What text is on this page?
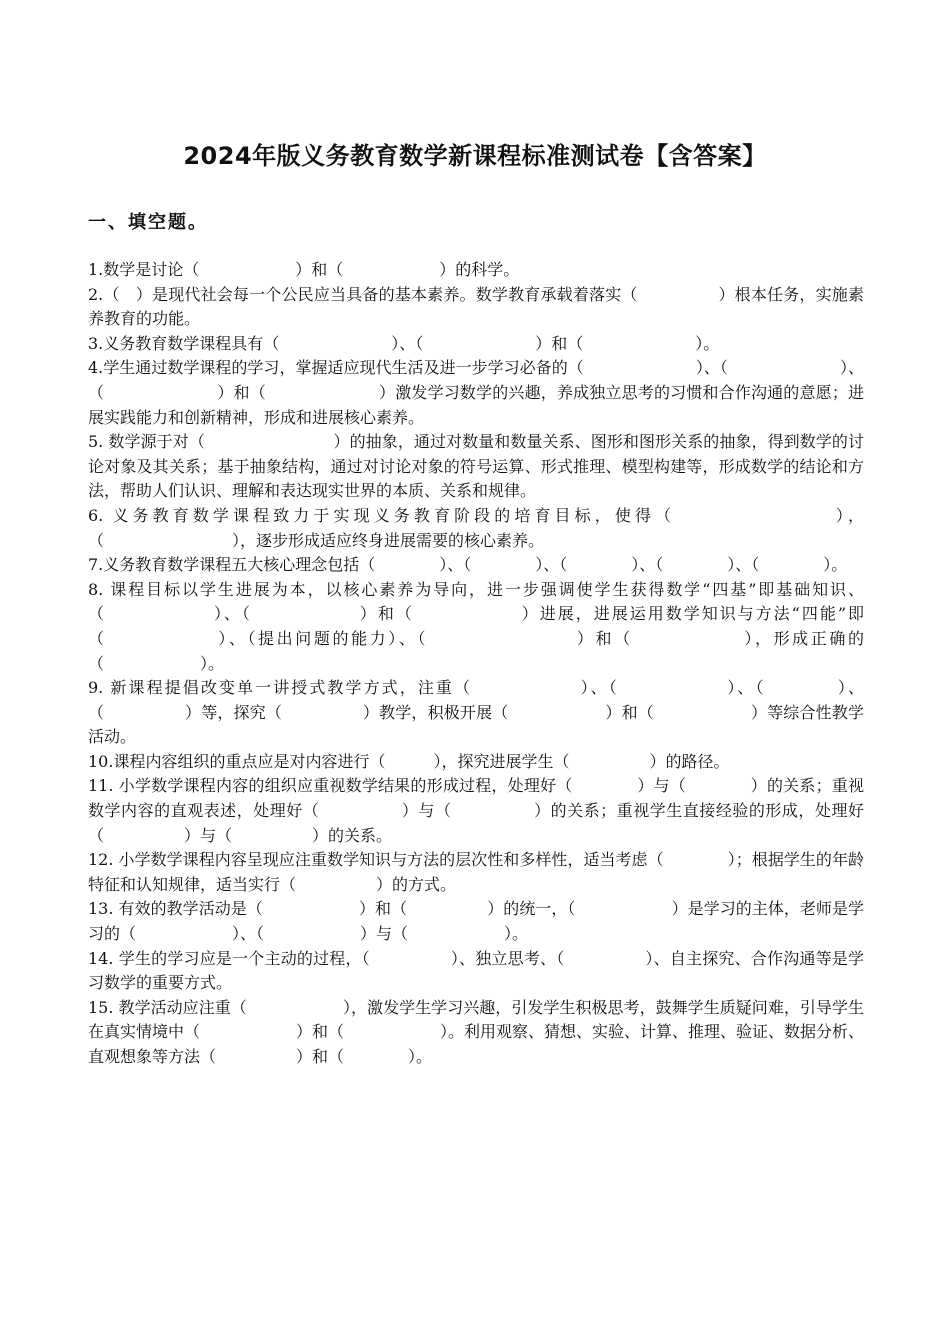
2024年版义务教育数学新课程标准测试卷【含答案】
一、填空题。

1.数学是讨论（　　　　　　）和（　　　　　　）的科学。

2.（　）是现代社会每一个公民应当具备的基本素养。数学教育承载着落实（　　　　　）根本任务，实施素养教育的功能。

3.义务教育数学课程具有（　　　　　　　）、（　　　　　　　）和（　　　　　　　）。

4.学生通过数学课程的学习，掌握适应现代生活及进一步学习必备的（　　　　　　　）、（　　　　　　　）、（　　　　　　　）和（　　　　　　　）激发学习数学的兴趣，养成独立思考的习惯和合作沟通的意愿；进展实践能力和创新精神，形成和进展核心素养。

5. 数学源于对（　　　　　　　　）的抽象，通过对数量和数量关系、图形和图形关系的抽象，得到数学的讨论对象及其关系；基于抽象结构，通过对讨论对象的符号运算、形式推理、模型构建等，形成数学的结论和方法，帮助人们认识、理解和表达现实世界的本质、关系和规律。

6. 义务教育数学课程致力于实现义务教育阶段的培育目标，使得（　　　　　　　　），（　　　　　　　　），逐步形成适应终身进展需要的核心素养。

7.义务教育数学课程五大核心理念包括（　　　　）、（　　　　）、（　　　　）、（　　　　）、（　　　　）。

8. 课程目标以学生进展为本，以核心素养为导向，进一步强调使学生获得数学“四基”即基础知识、（　　　　　　）、（　　　　　　）和（　　　　　　）进展，进展运用数学知识与方法“四能”即（　　　　　　）、（提出问题的能力）、（　　　　　　　　）和（　　　　　　），形成正确的（　　　　　　）。

9. 新课程提倡改变单一讲授式教学方式，注重（　　　　　　）、（　　　　　　）、（　　　　）、（　　　　　）等，探究（　　　　　）教学，积极开展（　　　　　　）和（　　　　　　）等综合性教学活动。

10.课程内容组织的重点应是对内容进行（　　　），探究进展学生（　　　　　）的路径。

11. 小学数学课程内容的组织应重视数学结果的形成过程，处理好（　　　　）与（　　　　）的关系；重视数学内容的直观表述，处理好（　　　　　）与（　　　　　）的关系；重视学生直接经验的形成，处理好（　　　　　）与（　　　　　）的关系。

12. 小学数学课程内容呈现应注重数学知识与方法的层次性和多样性，适当考虑（　　　　）；根据学生的年龄特征和认知规律，适当实行（　　　　　）的方式。

13. 有效的教学活动是（　　　　　　）和（　　　　　）的统一，（　　　　　　）是学习的主体，老师是学习的（　　　　　　）、（　　　　　　）与（　　　　　　）。

14. 学生的学习应是一个主动的过程，（　　　　　）、独立思考、（　　　　　）、自主探究、合作沟通等是学习数学的重要方式。

15. 教学活动应注重（　　　　　　），激发学生学习兴趣，引发学生积极思考，鼓舞学生质疑问难，引导学生在真实情境中（　　　　　　）和（　　　　　　）。利用观察、猜想、实验、计算、推理、验证、数据分析、直观想象等方法（　　　　　）和（　　　　）。
